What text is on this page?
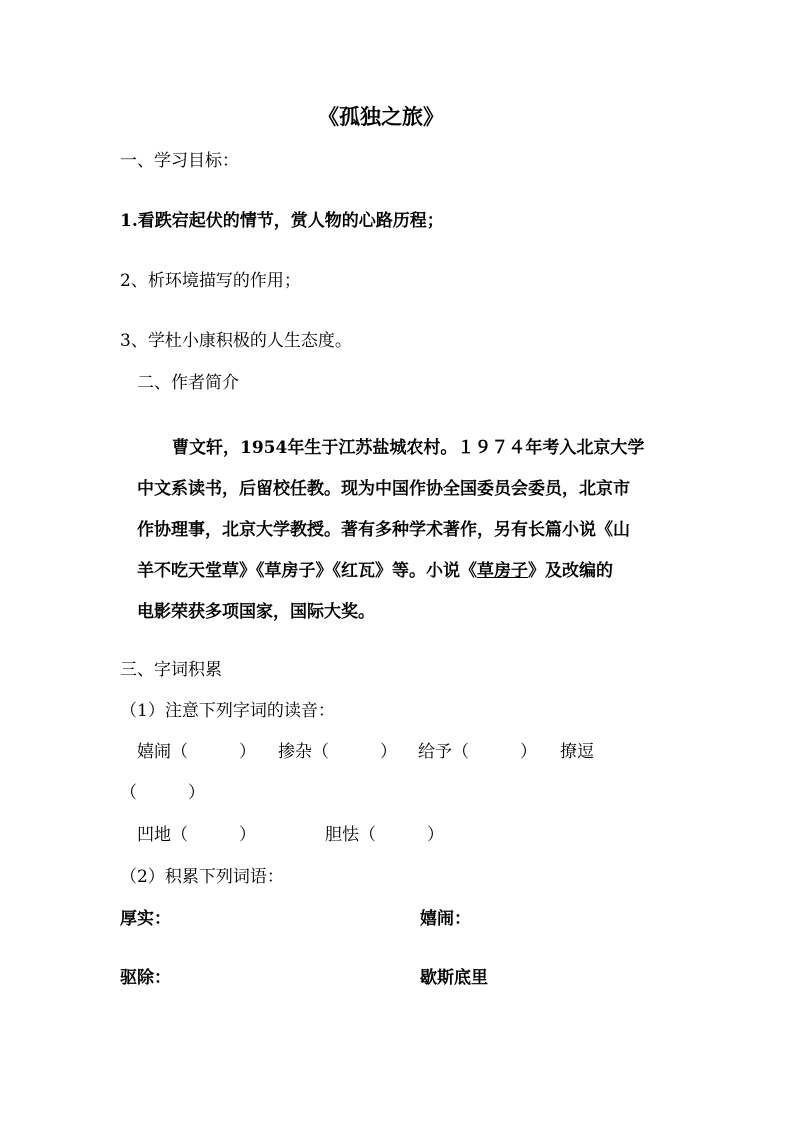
《孤独之旅》
一、学习目标：
1.看跌宕起伏的情节，赏人物的心路历程；
2、析环境描写的作用；
3、学杜小康积极的人生态度。
二、作者简介
曹文轩，1954年生于江苏盐城农村。１９７４年考入北京大学
中文系读书，后留校任教。现为中国作协全国委员会委员，北京市
作协理事，北京大学教授。著有多种学术著作，另有长篇小说《山
羊不吃天堂草》《草房子》《红瓦》等。小说《草房子》及改编的
电影荣获多项国家，国际大奖。
三、字词积累
（1）注意下列字词的读音：
嬉闹（　　　） 掺杂（　　　） 给予（　　　） 撩逗
（　　　）
凹地（　　　）	胆怯（　　　）
（2）积累下列词语：
厚实：	嬉闹：
驱除：	歇斯底里
